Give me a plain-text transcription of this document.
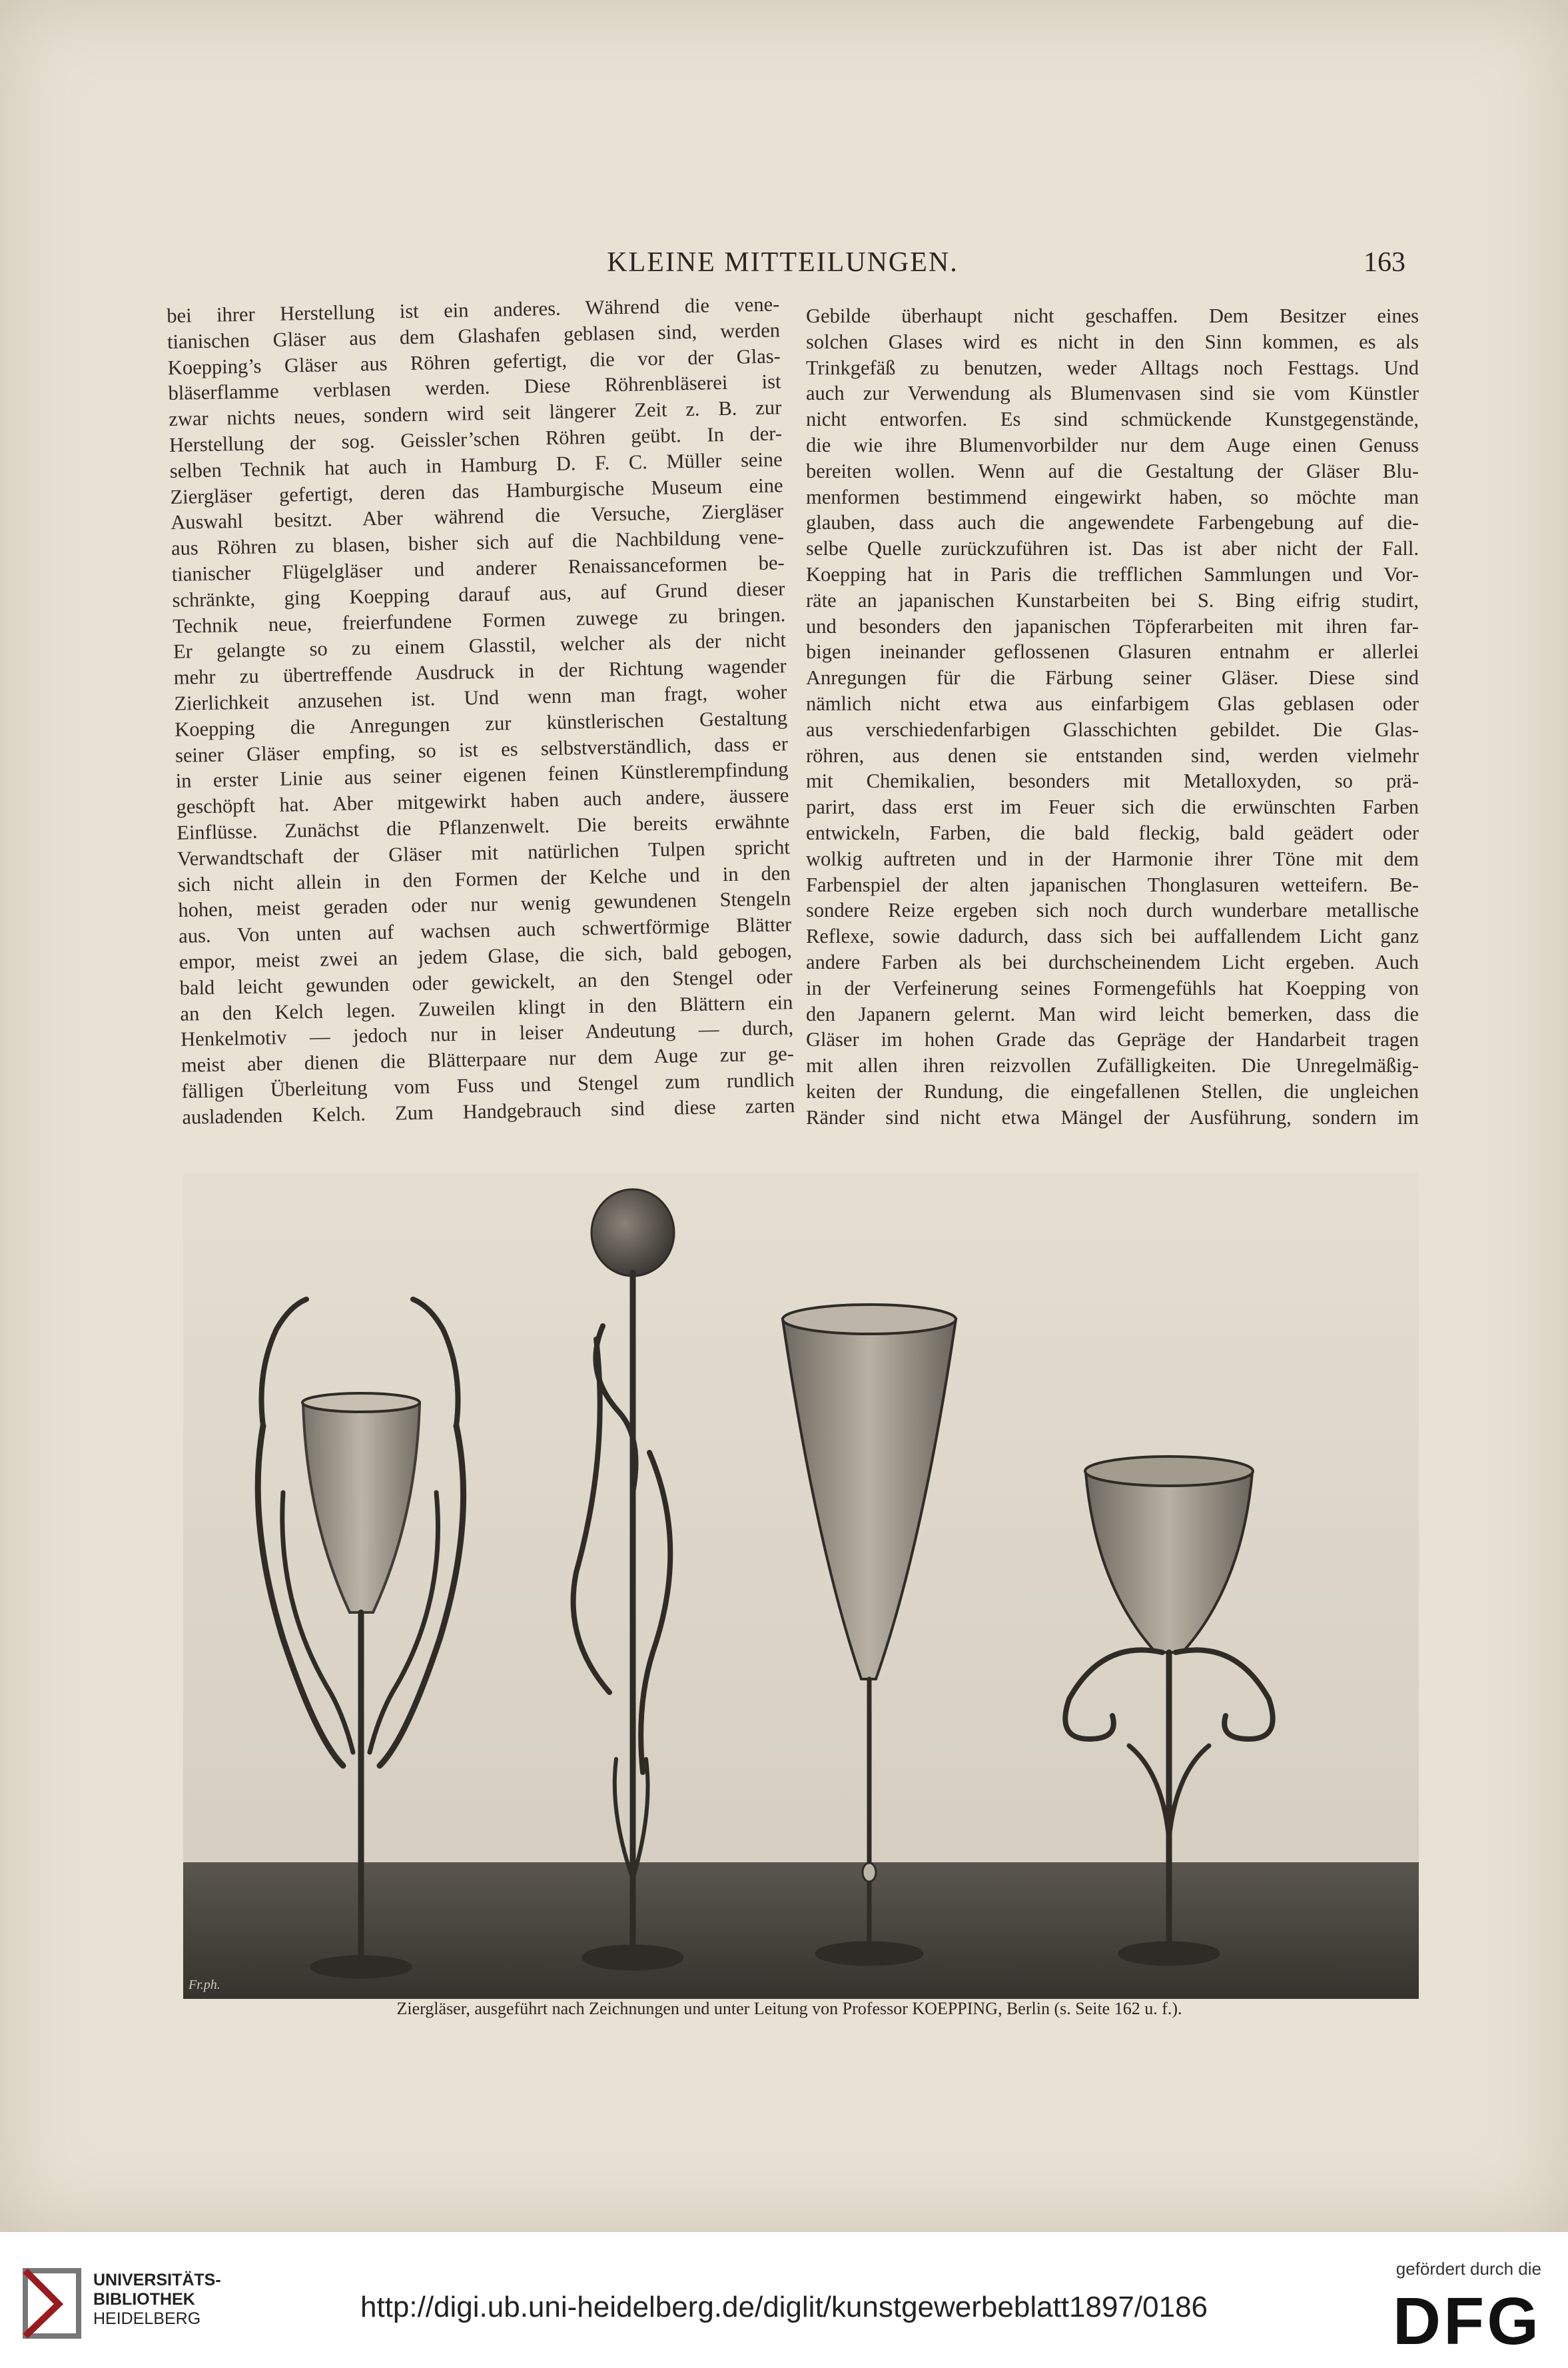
KLEINE MITTEILUNGEN.	163

bei ihrer Herstellung ist ein anderes. Während die vene-

tianischen Gläser aus dem Glashafen geblasen sind, werden

Koepping’s Gläser aus Röhren gefertigt, die vor der Glas-

bläserflamme verblasen werden. Diese Röhrenbläserei ist

zwar nichts neues, sondern wird seit längerer Zeit z. B. zur

Herstellung der sog. Geissler’schen Röhren geübt. In der-

selben Technik hat auch in Hamburg D. F. C. Müller seine

Ziergläser gefertigt, deren das Hamburgische Museum eine

Auswahl besitzt. Aber während die Versuche, Ziergläser

aus Röhren zu blasen, bisher sich auf die Nachbildung vene-

tianischer Flügelgläser und anderer Renaissanceformen be-

schränkte, ging Koepping darauf aus, auf Grund dieser

Technik neue, freierfundene Formen zuwege zu bringen.

Er gelangte so zu einem Glasstil, welcher als der nicht

mehr zu übertreffende Ausdruck in der Richtung wagender

Zierlichkeit anzusehen ist. Und wenn man fragt, woher

Koepping die Anregungen zur künstlerischen Gestaltung

seiner Gläser empfing, so ist es selbstverständlich, dass er

in erster Linie aus seiner eigenen feinen Künstlerempfindung

geschöpft hat. Aber mitgewirkt haben auch andere, äussere

Einflüsse. Zunächst die Pflanzenwelt. Die bereits erwähnte

Verwandtschaft der Gläser mit natürlichen Tulpen spricht

sich nicht allein in den Formen der Kelche und in den

hohen, meist geraden oder nur wenig gewundenen Stengeln

aus. Von unten auf wachsen auch schwertförmige Blätter

empor, meist zwei an jedem Glase, die sich, bald gebogen,

bald leicht gewunden oder gewickelt, an den Stengel oder

an den Kelch legen. Zuweilen klingt in den Blättern ein

Henkelmotiv — jedoch nur in leiser Andeutung — durch,

meist aber dienen die Blätterpaare nur dem Auge zur ge-

fälligen Überleitung vom Fuss und Stengel zum rundlich

ausladenden Kelch. Zum Handgebrauch sind diese zarten

Gebilde überhaupt nicht geschaffen. Dem Besitzer eines

solchen Glases wird es nicht in den Sinn kommen, es als

Trinkgefäß zu benutzen, weder Alltags noch Festtags. Und

auch zur Verwendung als Blumenvasen sind sie vom Künstler

nicht entworfen. Es sind schmückende Kunstgegenstände,

die wie ihre Blumenvorbilder nur dem Auge einen Genuss

bereiten wollen. Wenn auf die Gestaltung der Gläser Blu-

menformen bestimmend eingewirkt haben, so möchte man

glauben, dass auch die angewendete Farbengebung auf die-

selbe Quelle zurückzuführen ist. Das ist aber nicht der Fall.

Koepping hat in Paris die trefflichen Sammlungen und Vor-

räte an japanischen Kunstarbeiten bei S. Bing eifrig studirt,

und besonders den japanischen Töpferarbeiten mit ihren far-

bigen ineinander geflossenen Glasuren entnahm er allerlei

Anregungen für die Färbung seiner Gläser. Diese sind

nämlich nicht etwa aus einfarbigem Glas geblasen oder

aus verschiedenfarbigen Glasschichten gebildet. Die Glas-

röhren, aus denen sie entstanden sind, werden vielmehr

mit Chemikalien, besonders mit Metalloxyden, so prä-

parirt, dass erst im Feuer sich die erwünschten Farben

entwickeln, Farben, die bald fleckig, bald geädert oder

wolkig auftreten und in der Harmonie ihrer Töne mit dem

Farbenspiel der alten japanischen Thonglasuren wetteifern. Be-

sondere Reize ergeben sich noch durch wunderbare metallische

Reflexe, sowie dadurch, dass sich bei auffallendem Licht ganz

andere Farben als bei durchscheinendem Licht ergeben. Auch

in der Verfeinerung seines Formengefühls hat Koepping von

den Japanern gelernt. Man wird leicht bemerken, dass die

Gläser im hohen Grade das Gepräge der Handarbeit tragen

mit allen ihren reizvollen Zufälligkeiten. Die Unregelmäßig-

keiten der Rundung, die eingefallenen Stellen, die ungleichen

Ränder sind nicht etwa Mängel der Ausführung, sondern im

Fr.ph.
Ziergläser, ausgeführt nach Zeichnungen und unter Leitung von Professor KOEPPING, Berlin (s. Seite 162 u. f.).
UNIVERSITÄTS-
BIBLIOTHEK
HEIDELBERG	http://digi.ub.uni-heidelberg.de/diglit/kunstgewerbeblatt1897/0186
gefördert durch die
DFG
